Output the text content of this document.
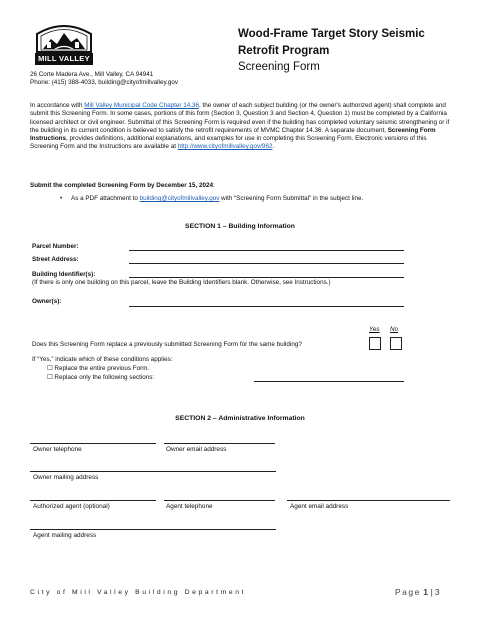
MILL VALLEY
26 Corte Madera Ave., Mill Valley, CA 94941
Phone: (415) 388-4033, building@cityofmillvalley.gov
Wood-Frame Target Story Seismic
Retrofit Program
Screening Form

In accordance with Mill Valley Municipal Code Chapter 14.36, the owner of each subject building (or the owner's authorized agent) shall complete and submit this Screening Form. In some cases, portions of this form (Section 3, Question 3 and Section 4, Question 1) must be completed by a California licensed architect or civil engineer. Submittal of this Screening Form is required even if the building has completed voluntary seismic strengthening or if the building in its current condition is believed to satisfy the retrofit requirements of MVMC Chapter 14.36. A separate document, Screening Form Instructions, provides definitions, additional explanations, and examples for use in completing this Screening Form. Electronic versions of this Screening Form and the Instructions are available at http://www.cityofmillvalley.gov/962.

Submit the completed Screening Form by December 15, 2024:
• As a PDF attachment to building@cityofmillvalley.gov with “Screening Form Submittal” in the subject line.

SECTION 1 – Building Information
Parcel Number:
Street Address:
Building Identifier(s):
(If there is only one building on this parcel, leave the Building Identifiers blank. Otherwise, see Instructions.)
Owner(s):
Yes No
Does this Screening Form replace a previously submitted Screening Form for the same building?
If “Yes,” indicate which of these conditions applies:
☐ Replace the entire previous Form.
☐ Replace only the following sections:
SECTION 2 – Administrative Information
Owner telephone	Owner email address
Owner mailing address
Authorized agent (optional)	Agent telephone	Agent email address
Agent mailing address
City of Mill Valley Building Department	Page 1 | 3
